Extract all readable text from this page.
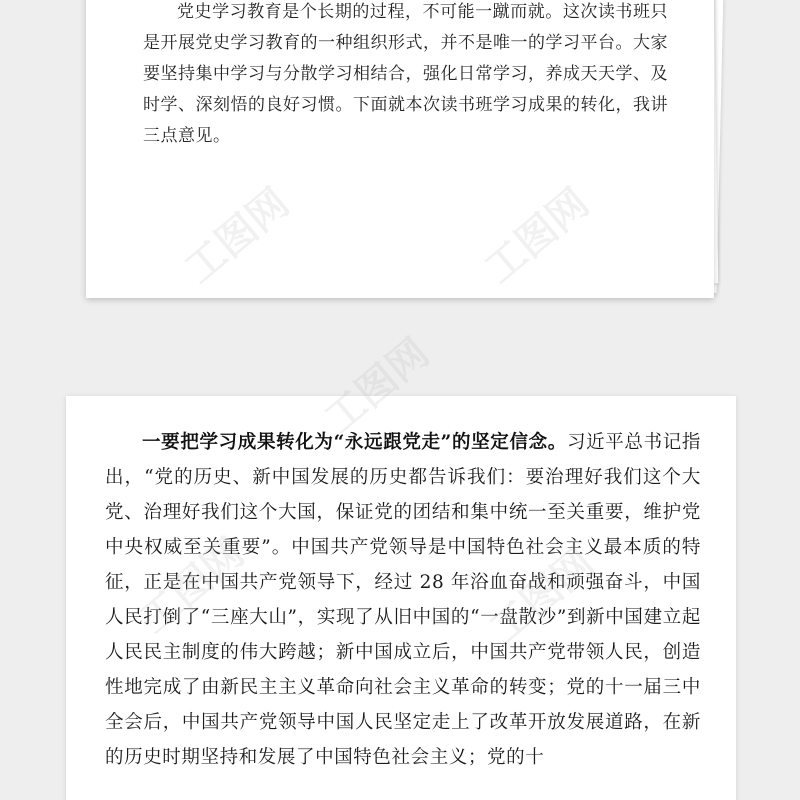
党史学习教育是个长期的过程，不可能一蹴而就。这次读书班只是开展党史学习教育的一种组织形式，并不是唯一的学习平台。大家要坚持集中学习与分散学习相结合，强化日常学习，养成天天学、及时学、深刻悟的良好习惯。下面就本次读书班学习成果的转化，我讲三点意见。

一要把学习成果转化为“永远跟党走”的坚定信念。习近平总书记指出，“党的历史、新中国发展的历史都告诉我们：要治理好我们这个大党、治理好我们这个大国，保证党的团结和集中统一至关重要，维护党中央权威至关重要”。中国共产党领导是中国特色社会主义最本质的特征，正是在中国共产党领导下，经过 28 年浴血奋战和顽强奋斗，中国人民打倒了“三座大山”，实现了从旧中国的“一盘散沙”到新中国建立起人民民主制度的伟大跨越；新中国成立后，中国共产党带领人民，创造性地完成了由新民主主义革命向社会主义革命的转变；党的十一届三中全会后，中国共产党领导中国人民坚定走上了改革开放发展道路，在新的历史时期坚持和发展了中国特色社会主义；党的十

工图网
